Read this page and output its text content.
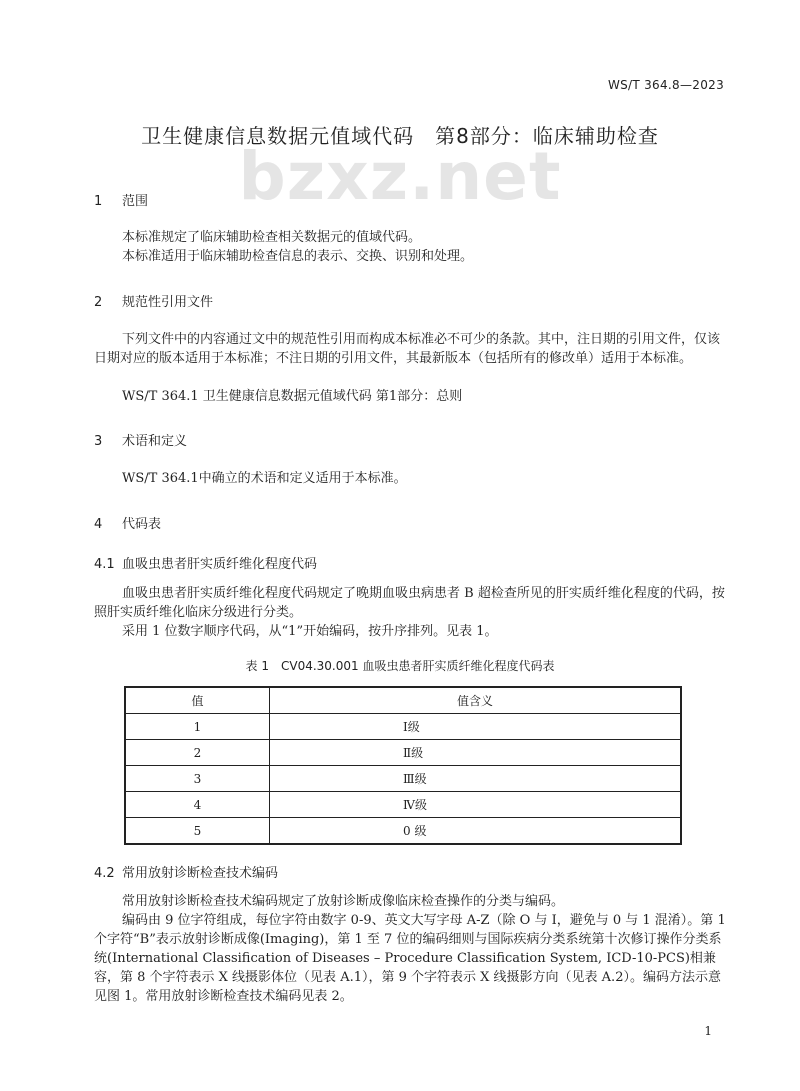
WS/T 364.8—2023
bzxz.net
卫生健康信息数据元值域代码　第8部分：临床辅助检查
1 范围

本标准规定了临床辅助检查相关数据元的值域代码。

本标准适用于临床辅助检查信息的表示、交换、识别和处理。

2 规范性引用文件

下列文件中的内容通过文中的规范性引用而构成本标准必不可少的条款。其中，注日期的引用文件，仅该日期对应的版本适用于本标准；不注日期的引用文件，其最新版本（包括所有的修改单）适用于本标准。

WS/T 364.1 卫生健康信息数据元值域代码 第1部分：总则

3 术语和定义

WS/T 364.1中确立的术语和定义适用于本标准。

4 代码表
4.1 血吸虫患者肝实质纤维化程度代码

血吸虫患者肝实质纤维化程度代码规定了晚期血吸虫病患者 B 超检查所见的肝实质纤维化程度的代码，按照肝实质纤维化临床分级进行分类。

采用 1 位数字顺序代码，从“1”开始编码，按升序排列。见表 1。

表 1　CV04.30.001 血吸虫患者肝实质纤维化程度代码表
值	值含义
1	Ⅰ级
2	Ⅱ级
3	Ⅲ级
4	Ⅳ级
5	0 级
4.2 常用放射诊断检查技术编码

常用放射诊断检查技术编码规定了放射诊断成像临床检查操作的分类与编码。

编码由 9 位字符组成，每位字符由数字 0-9、英文大写字母 A-Z（除 O 与 I，避免与 0 与 1 混淆）。第 1 个字符“B”表示放射诊断成像(Imaging)，第 1 至 7 位的编码细则与国际疾病分类系统第十次修订操作分类系统(International Classification of Diseases – Procedure Classification System, ICD-10-PCS)相兼容，第 8 个字符表示 X 线摄影体位（见表 A.1），第 9 个字符表示 X 线摄影方向（见表 A.2）。编码方法示意见图 1。常用放射诊断检查技术编码见表 2。

1
